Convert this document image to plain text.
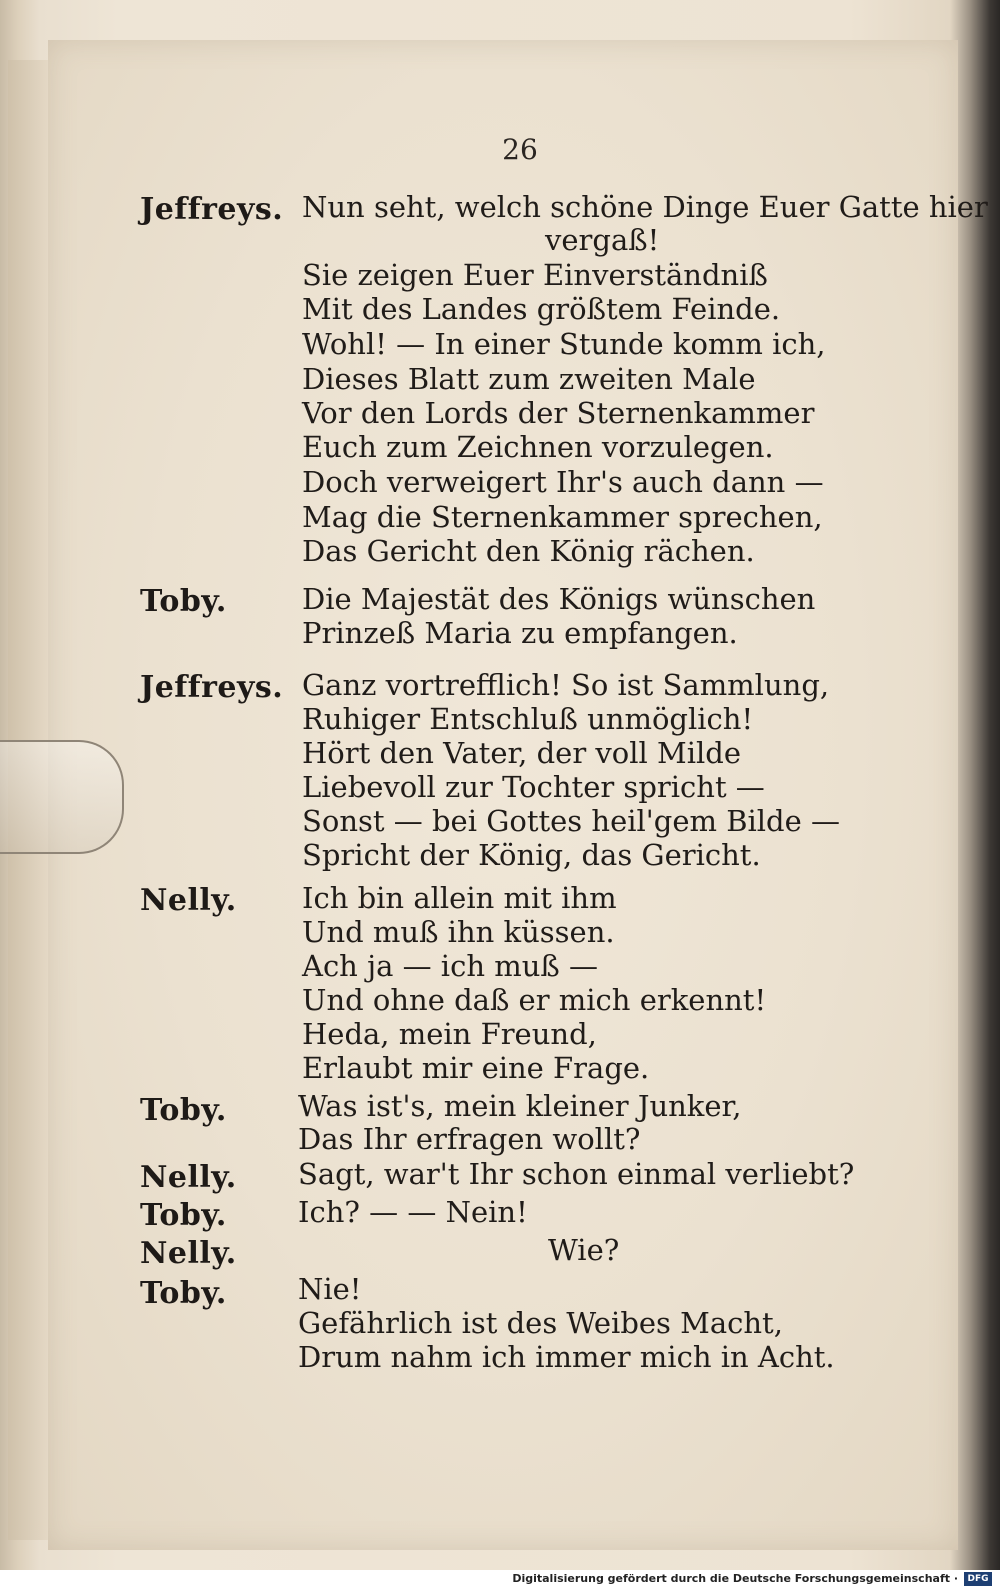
26
Jeffreys.
Toby.
Jeffreys.
Nelly.
Toby.
Nelly.
Toby.
Nelly.
Toby.
Nun seht, welch schöne Dinge Euer Gatte hier
vergaß!
Sie zeigen Euer Einverständniß
Mit des Landes größtem Feinde.
Wohl! — In einer Stunde komm ich,
Dieses Blatt zum zweiten Male
Vor den Lords der Sternenkammer
Euch zum Zeichnen vorzulegen.
Doch verweigert Ihr's auch dann —
Mag die Sternenkammer sprechen,
Das Gericht den König rächen.
Die Majestät des Königs wünschen
Prinzeß Maria zu empfangen.
Ganz vortrefflich! So ist Sammlung,
Ruhiger Entschluß unmöglich!
Hört den Vater, der voll Milde
Liebevoll zur Tochter spricht —
Sonst — bei Gottes heil'gem Bilde —
Spricht der König, das Gericht.
Ich bin allein mit ihm
Und muß ihn küssen.
Ach ja — ich muß —
Und ohne daß er mich erkennt!
Heda, mein Freund,
Erlaubt mir eine Frage.
Was ist's, mein kleiner Junker,
Das Ihr erfragen wollt?
Sagt, war't Ihr schon einmal verliebt?
Ich? — — Nein!
Wie?
Nie!
Gefährlich ist des Weibes Macht,
Drum nahm ich immer mich in Acht.
Digitalisierung gefördert durch die Deutsche Forschungsgemeinschaft ·	DFG
